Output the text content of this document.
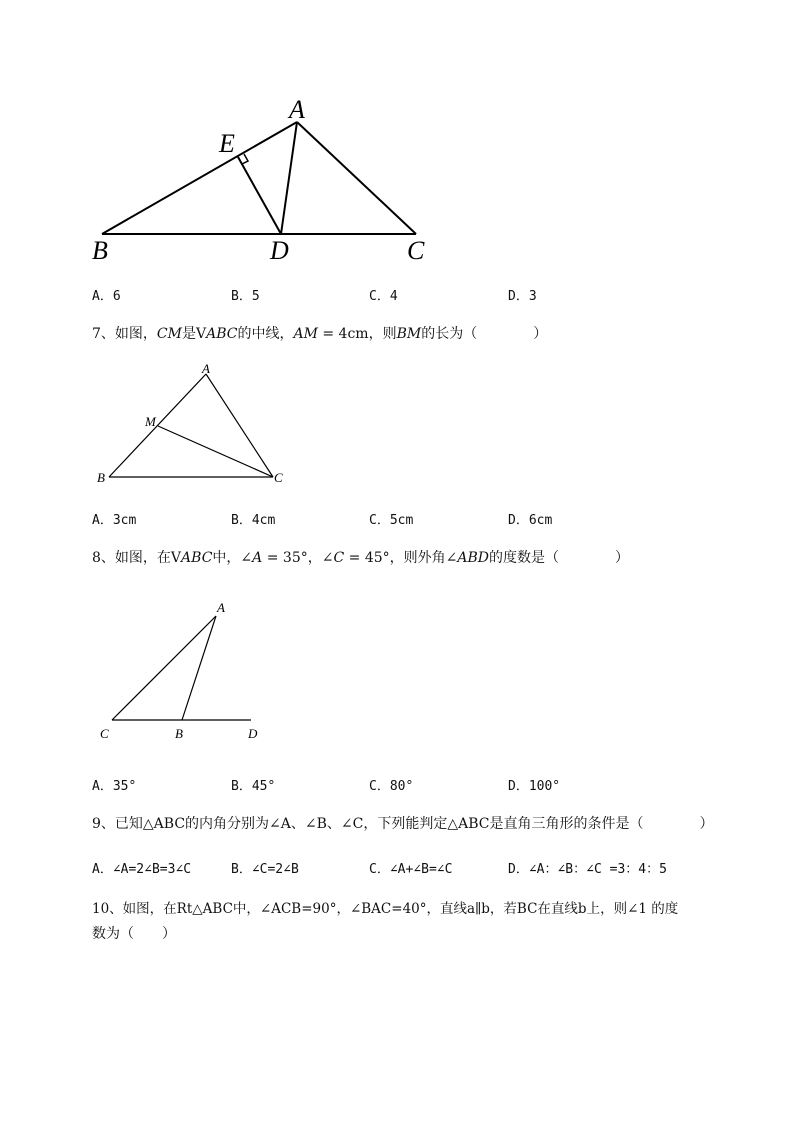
A
E
B	D	C
A．6	B．5	C．4	D．3
7、如图，CM是VABC的中线，AM = 4cm，则BM的长为（　　　　）
A
M
B	C
A．3cm	B．4cm	C．5cm	D．6cm
8、如图，在VABC中，∠A = 35°，∠C = 45°，则外角∠ABD的度数是（　　　　）
A
C	B	D
A．35°	B．45°	C．80°	D．100°
9、已知△ABC的内角分别为∠A、∠B、∠C，下列能判定△ABC是直角三角形的条件是（　　　　）
A．∠A=2∠B=3∠C	B．∠C=2∠B	C．∠A+∠B=∠C	D．∠A：∠B：∠C =3：4：5
10、如图，在Rt△ABC中，∠ACB=90°，∠BAC=40°，直线a∥b，若BC在直线b上，则∠1 的度
数为（　　）
